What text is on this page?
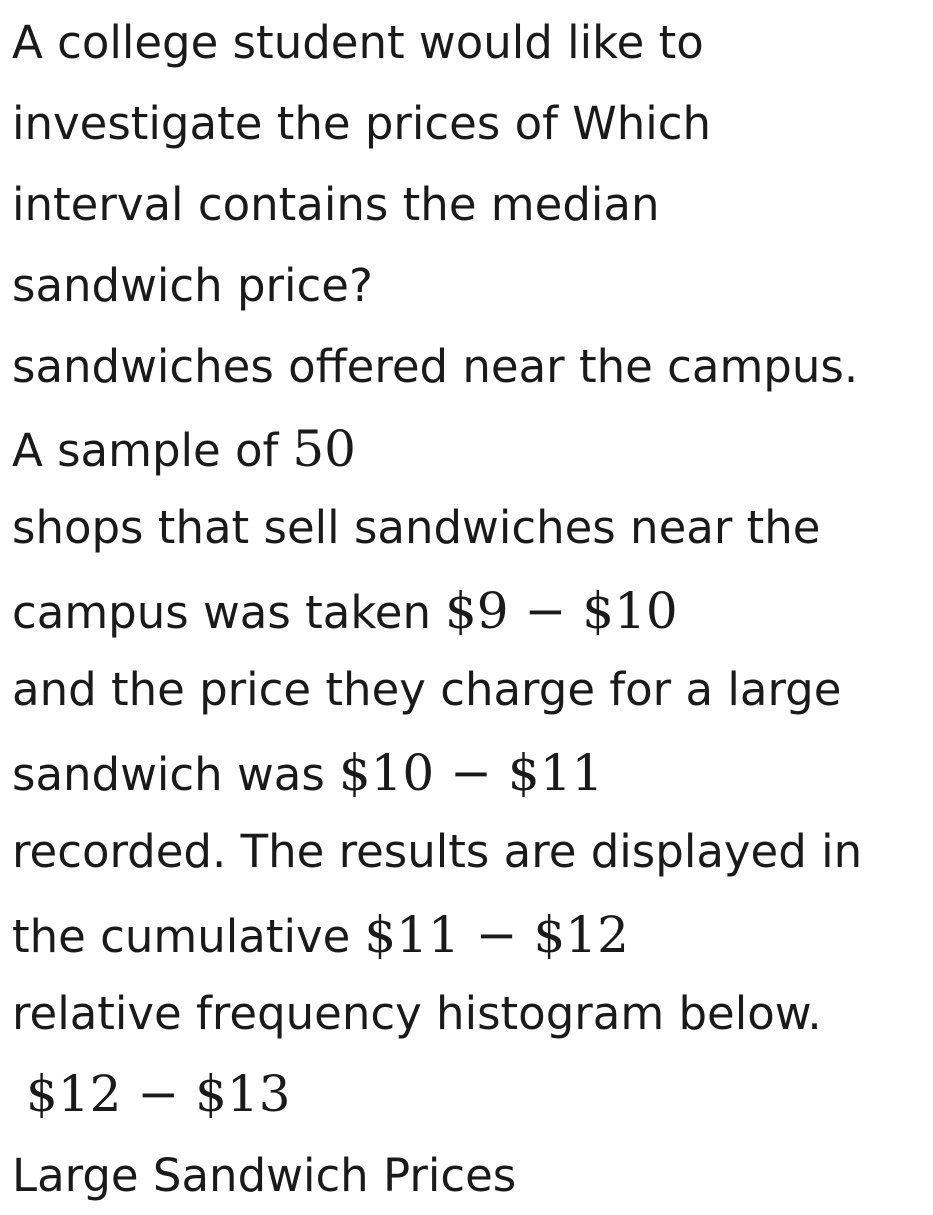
A college student would like to
investigate the prices of Which
interval contains the median
sandwich price?
sandwiches offered near the campus.
A sample of 50
shops that sell sandwiches near the
campus was taken $9 − $10
and the price they charge for a large
sandwich was $10 − $11
recorded. The results are displayed in
the cumulative $11 − $12
relative frequency histogram below.
$12 − $13
Large Sandwich Prices
